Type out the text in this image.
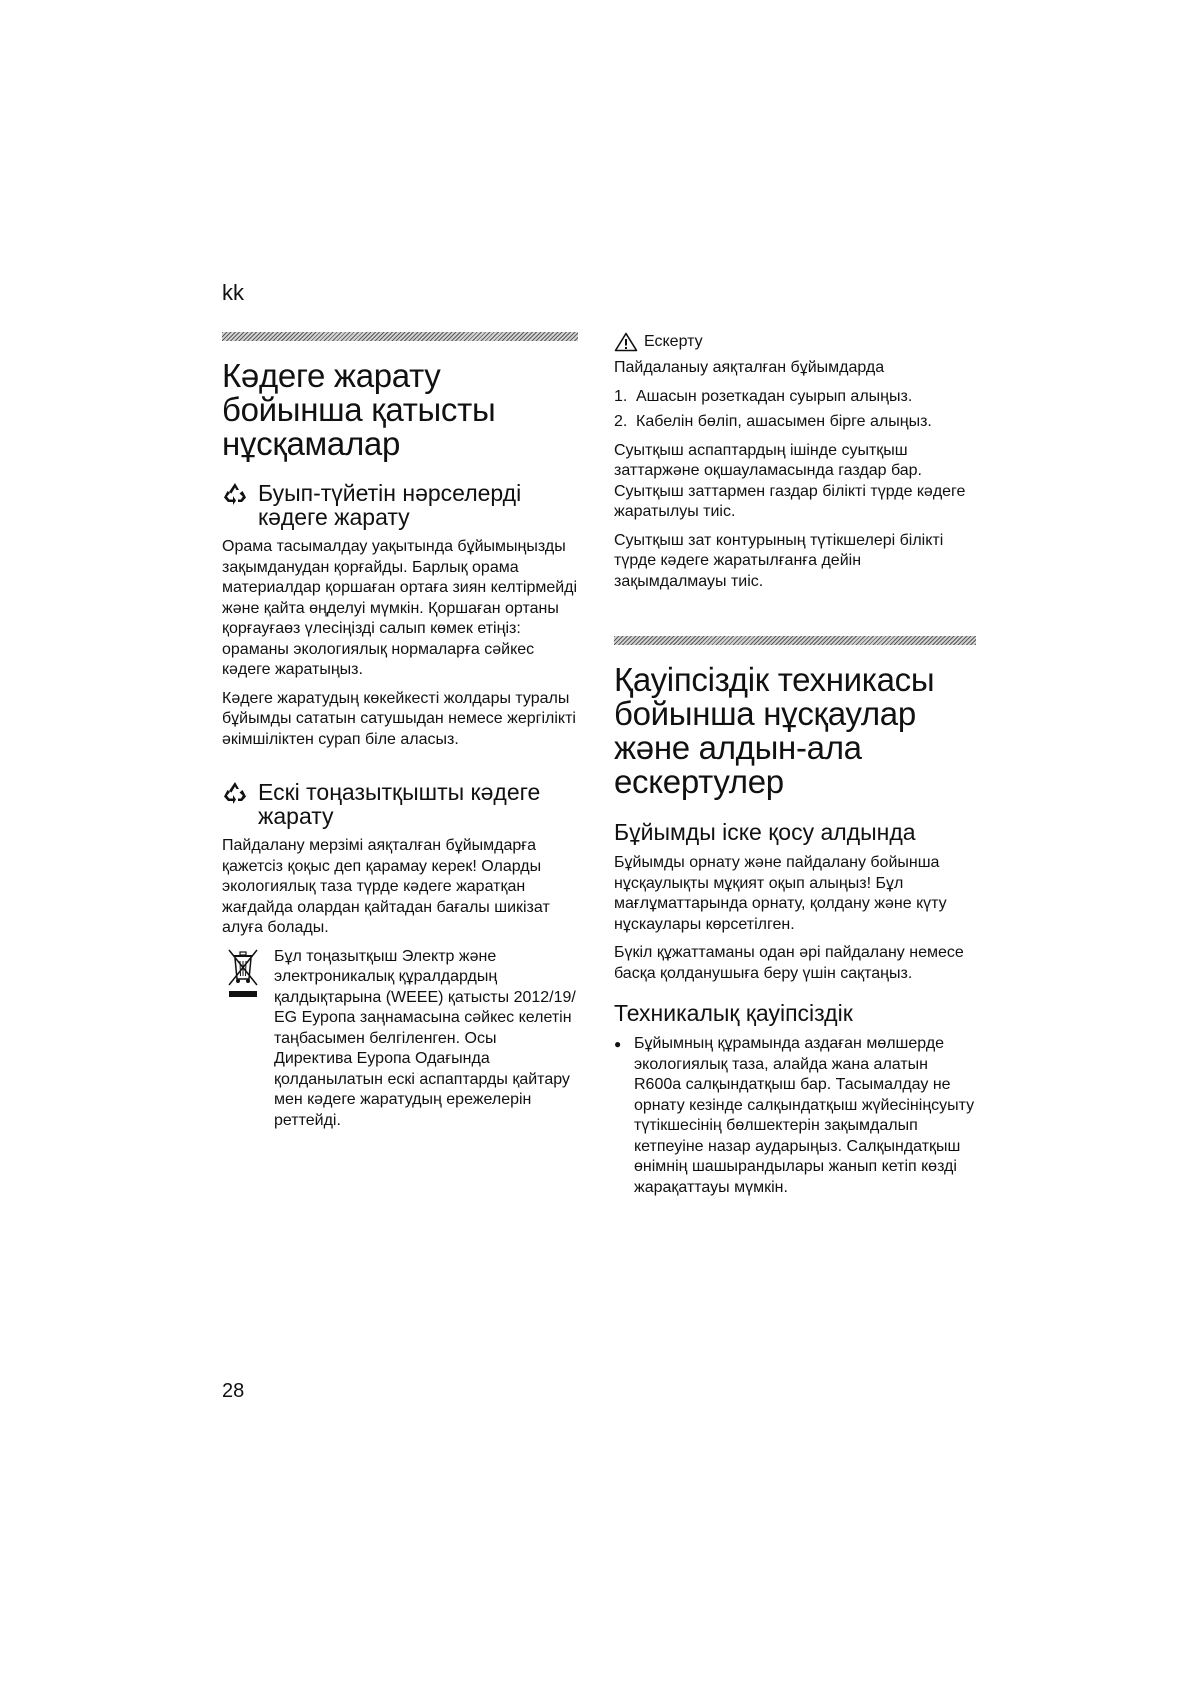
kk
Кәдеге жарату бойынша қатысты нұсқамалар
Буып-түйетін нәрселерді кәдеге жарату

Орама тасымалдау уақытында бұйымыңызды зақымданудан қорғайды. Барлық орама материалдар қоршаған ортаға зиян келтірмейді және қайта өңделуі мүмкін. Қоршаған ортаны қорғауғаөз үлесіңізді салып көмек етіңіз: ораманы экологиялық нормаларға сәйкес кәдеге жаратыңыз.

Кәдеге жаратудың көкейкесті жолдары туралы бұйымды сататын сатушыдан немесе жергілікті әкімшіліктен сурап біле аласыз.

Ескі тоңазытқышты кәдеге жарату

Пайдалану мерзімі аяқталған бұйымдарға қажетсіз қоқыс деп қарамау керек! Оларды экологиялық таза түрде кәдеге жаратқан жағдайда олардан қайтадан бағалы шикізат алуға болады.

Бұл тоңазытқыш Электр және электроникалық құралдардың қалдықтарына (WEEE) қатысты 2012/19/ EG Еуропа заңнамасына сәйкес келетін таңбасымен белгіленген. Осы Директива Еуропа Одағында қолданылатын ескі аспаптарды қайтару мен кәдеге жаратудың ережелерін реттейді.

Ескерту

Пайдаланыу аяқталған бұйымдарда

1. Ашасын розеткадан суырып алыңыз.
2. Кабелін бөліп, ашасымен бірге алыңыз.

Суытқыш аспаптардың ішінде суытқыш заттаржәне оқшауламасында газдар бар. Суытқыш заттармен газдар білікті түрде кәдеге жаратылуы тиіс.

Суытқыш зат контурының түтікшелері білікті түрде кәдеге жаратылғанға дейін зақымдалмауы тиіс.

Қауіпсіздік техникасы бойынша нұсқаулар және алдын-ала ескертулер
Бұйымды іске қосу алдында

Бұйымды орнату және пайдалану бойынша нұсқаулықты мұқият оқып алыңыз! Бұл мағлұматтарында орнату, қолдану және күту нұскаулары көрсетілген.

Бүкіл құжаттаманы одан әрі пайдалану немесе басқа қолданушыға беру үшін сақтаңыз.

Техникалық қауіпсіздік
● Бұйымның құрамында аздаған мөлшерде экологиялық таза, алайда жана алатын R600a салқындатқыш бар. Тасымалдау не орнату кезінде салқындатқыш жүйесініңсуыту түтікшесінің бөлшектерін зақымдалып кетпеуіне назар аударыңыз. Салқындатқыш өнімнің шашырандылары жанып кетіп көзді жарақаттауы мүмкін.
28
